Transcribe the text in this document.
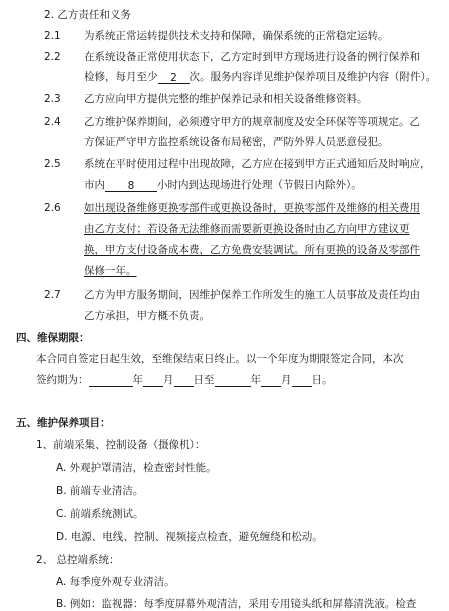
2. 乙方责任和义务
2.1 为系统正常运转提供技术支持和保障，确保系统的正常稳定运转。
2.2 在系统设备正常使用状态下，乙方定时到甲方现场进行设备的例行保养和
检修，每月至少 2 次。服务内容详见维护保养项目及维护内容（附件）。
2.3 乙方应向甲方提供完整的维护保养记录和相关设备维修资料。
2.4 乙方维护保养期间，必须遵守甲方的规章制度及安全环保等等项规定。乙
方保证严守甲方监控系统设备布局秘密，严防外界人员恶意侵犯。
2.5 系统在平时使用过程中出现故障，乙方应在接到甲方正式通知后及时响应，
市内 8 小时内到达现场进行处理（节假日内除外）。
2.6 如出现设备维修更换零部件或更换设备时，更换零部件及维修的相关费用
由乙方支付；若设备无法维修而需要新更换设备时由乙方向甲方建议更
换，甲方支付设备成本费，乙方免费安装调试。所有更换的设备及零部件
保修一年。
2.7 乙方为甲方服务期间，因维护保养工作所发生的施工人员事故及责任均由
乙方承担，甲方概不负责。
四、维保期限：
本合同自签定日起生效，至维保结束日终止。以一个年度为期限签定合同，本次
签约期为：	年 月 日至	年 月 日。
五、维护保养项目：
1、前端采集、控制设备（摄像机）：
A. 外观护罩清洁，检查密封性能。
B. 前端专业清洁。
C. 前端系统测试。
D. 电源、电线、控制、视频接点检查，避免缠绕和松动。
2、 总控端系统：
A. 每季度外观专业清洁。
B. 例如：监视器：每季度屏幕外观清洁，采用专用镜头纸和屏幕清洗液。检查
